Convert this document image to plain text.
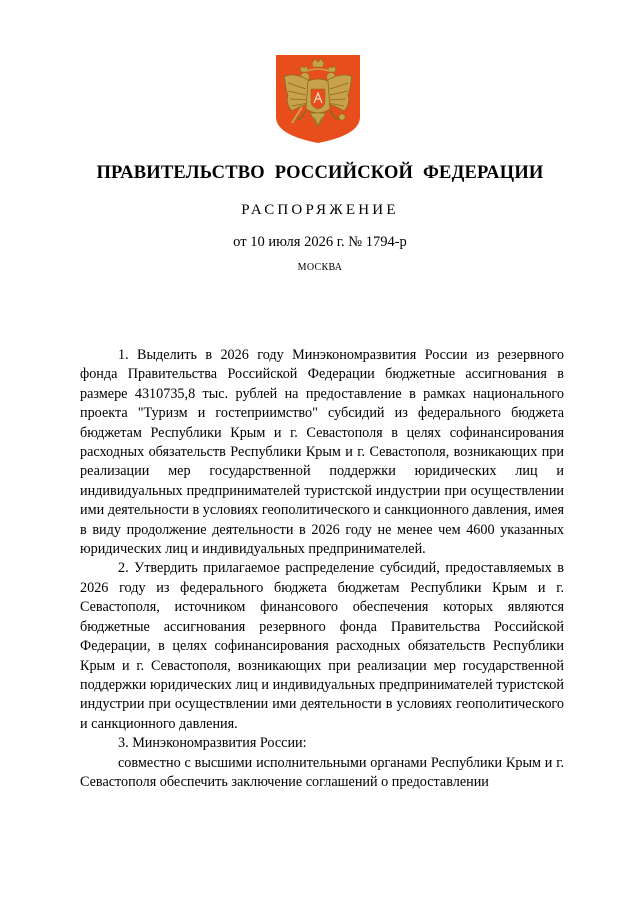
ПРАВИТЕЛЬСТВО РОССИЙСКОЙ ФЕДЕРАЦИИ
РАСПОРЯЖЕНИЕ
от 10 июля 2026 г. № 1794-р
МОСКВА

1. Выделить в 2026 году Минэкономразвития России из резервного фонда Правительства Российской Федерации бюджетные ассигнования в размере 4310735,8 тыс. рублей на предоставление в рамках национального проекта "Туризм и гостеприимство" субсидий из федерального бюджета бюджетам Республики Крым и г. Севастополя в целях софинансирования расходных обязательств Республики Крым и г. Севастополя, возникающих при реализации мер государственной поддержки юридических лиц и индивидуальных предпринимателей туристской индустрии при осуществлении ими деятельности в условиях геополитического и санкционного давления, имея в виду продолжение деятельности в 2026 году не менее чем 4600 указанных юридических лиц и индивидуальных предпринимателей.

2. Утвердить прилагаемое распределение субсидий, предоставляемых в 2026 году из федерального бюджета бюджетам Республики Крым и г. Севастополя, источником финансового обеспечения которых являются бюджетные ассигнования резервного фонда Правительства Российской Федерации, в целях софинансирования расходных обязательств Республики Крым и г. Севастополя, возникающих при реализации мер государственной поддержки юридических лиц и индивидуальных предпринимателей туристской индустрии при осуществлении ими деятельности в условиях геополитического и санкционного давления.

3. Минэкономразвития России:

совместно с высшими исполнительными органами Республики Крым и г. Севастополя обеспечить заключение соглашений о предоставлении
